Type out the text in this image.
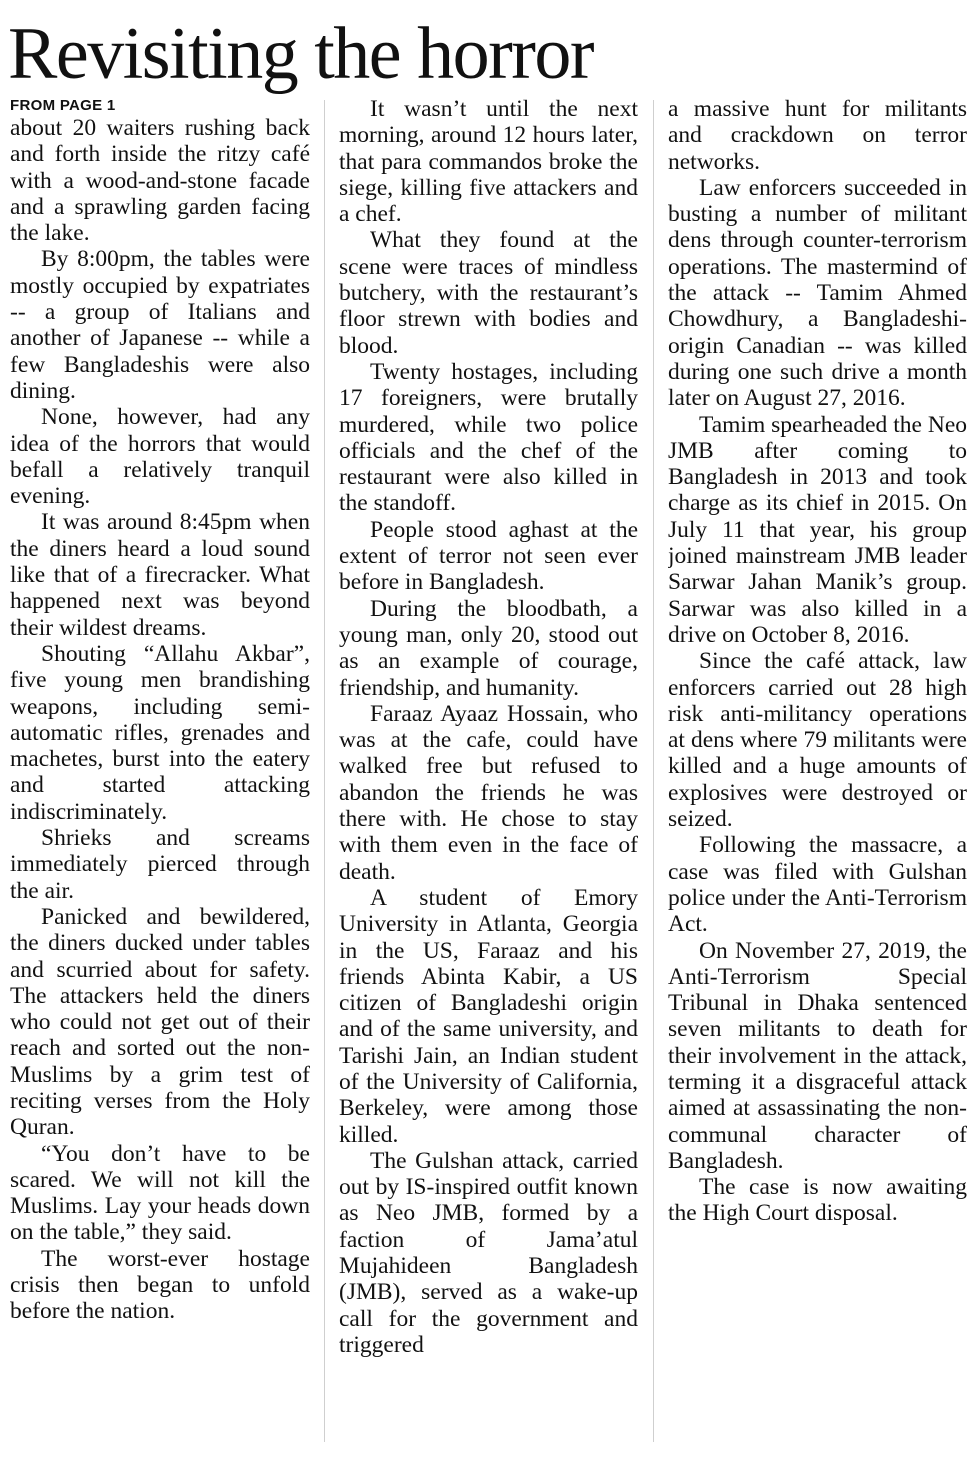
Revisiting the horror
FROM PAGE 1

about 20 waiters rushing back and forth inside the ritzy café with a wood-and-stone facade and a sprawling garden facing the lake.

By 8:00pm, the tables were mostly occupied by expatriates -- a group of Italians and another of Japanese -- while a few Bangladeshis were also dining.

None, however, had any idea of the horrors that would befall a relatively tranquil evening.

It was around 8:45pm when the diners heard a loud sound like that of a firecracker. What happened next was beyond their wildest dreams.

Shouting “Allahu Akbar”, five young men brandishing weapons, including semi-automatic rifles, grenades and machetes, burst into the eatery and started attacking indiscriminately.

Shrieks and screams immediately pierced through the air.

Panicked and bewildered, the diners ducked under tables and scurried about for safety. The attackers held the diners who could not get out of their reach and sorted out the non-Muslims by a grim test of reciting verses from the Holy Quran.

“You don’t have to be scared. We will not kill the Muslims. Lay your heads down on the table,” they said.

The worst-ever hostage crisis then began to unfold before the nation.

It wasn’t until the next morning, around 12 hours later, that para commandos broke the siege, killing five attackers and a chef.

What they found at the scene were traces of mindless butchery, with the restaurant’s floor strewn with bodies and blood.

Twenty hostages, including 17 foreigners, were brutally murdered, while two police officials and the chef of the restaurant were also killed in the standoff.

People stood aghast at the extent of terror not seen ever before in Bangladesh.

During the bloodbath, a young man, only 20, stood out as an example of courage, friendship, and humanity.

Faraaz Ayaaz Hossain, who was at the cafe, could have walked free but refused to abandon the friends he was there with. He chose to stay with them even in the face of death.

A student of Emory University in Atlanta, Georgia in the US, Faraaz and his friends Abinta Kabir, a US citizen of Bangladeshi origin and of the same university, and Tarishi Jain, an Indian student of the University of California, Berkeley, were among those killed.

The Gulshan attack, carried out by IS-inspired outfit known as Neo JMB, formed by a faction of Jama’atul Mujahideen Bangladesh (JMB), served as a wake-up call for the government and triggered

a massive hunt for militants and crackdown on terror networks.

Law enforcers succeeded in busting a number of militant dens through counter-terrorism operations. The mastermind of the attack -- Tamim Ahmed Chowdhury, a Bangladeshi-origin Canadian -- was killed during one such drive a month later on August 27, 2016.

Tamim spearheaded the Neo JMB after coming to Bangladesh in 2013 and took charge as its chief in 2015. On July 11 that year, his group joined mainstream JMB leader Sarwar Jahan Manik’s group. Sarwar was also killed in a drive on October 8, 2016.

Since the café attack, law enforcers carried out 28 high risk anti-militancy operations at dens where 79 militants were killed and a huge amounts of explosives were destroyed or seized.

Following the massacre, a case was filed with Gulshan police under the Anti-Terrorism Act.

On November 27, 2019, the Anti-Terrorism Special Tribunal in Dhaka sentenced seven militants to death for their involvement in the attack, terming it a disgraceful attack aimed at assassinating the non-communal character of Bangladesh.

The case is now awaiting the High Court disposal.
